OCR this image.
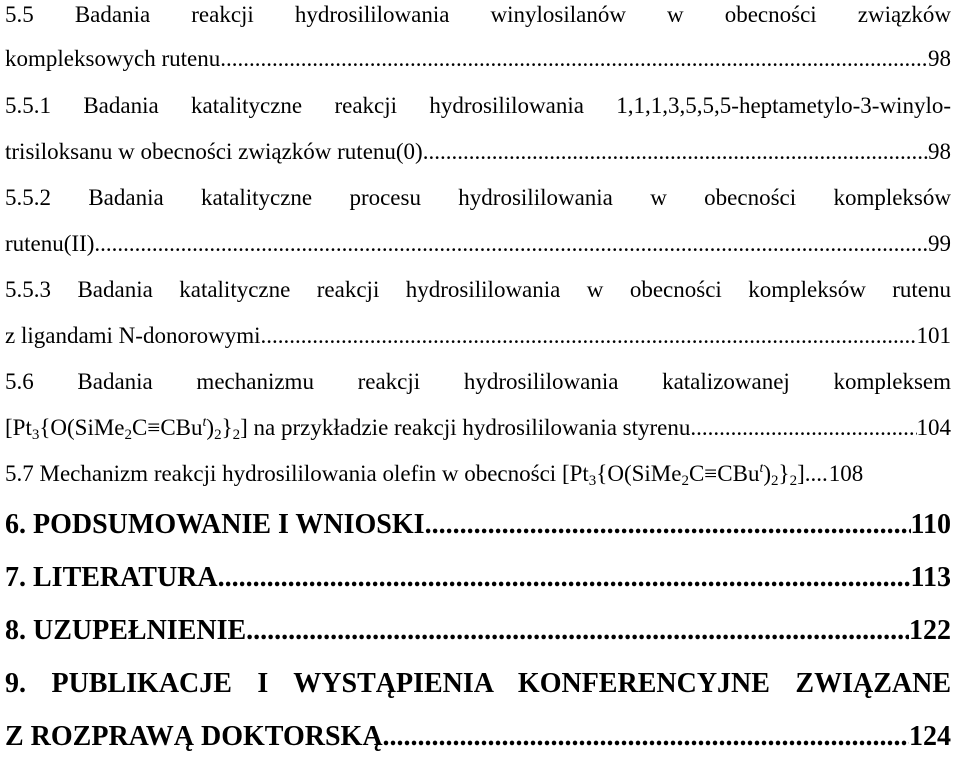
5.5 Badania reakcji hydrosililowania winylosilanów w obecności związków
kompleksowych rutenu .....	98
5.5.1 Badania katalityczne reakcji hydrosililowania 1,1,1,3,5,5,5-heptametylo-3-winylo-
trisiloksanu w obecności związków rutenu(0) .....	98
5.5.2 Badania katalityczne procesu hydrosililowania w obecności kompleksów
rutenu(II) .....	99
5.5.3 Badania katalityczne reakcji hydrosililowania w obecności kompleksów rutenu
z ligandami N-donorowymi .....	101
5.6 Badania mechanizmu reakcji hydrosililowania katalizowanej kompleksem
$[Pt_3\{O(SiMe_2C\equiv CBu^t)_2\}_2]$ na przykładzie reakcji hydrosililowania styrenu .....	104
5.7 Mechanizm reakcji hydrosililowania olefin w obecności $[Pt_3\{O(SiMe_2C\equiv CBu^t)_2\}_2]$ ..... 108
6. PODSUMOWANIE I WNIOSKI .....	110
7. LITERATURA .....	113
8. UZUPEŁNIENIE .....	122
9. PUBLIKACJE I WYSTĄPIENIA KONFERENCYJNE ZWIĄZANE
Z ROZPRAWĄ DOKTORSKĄ .....	124
